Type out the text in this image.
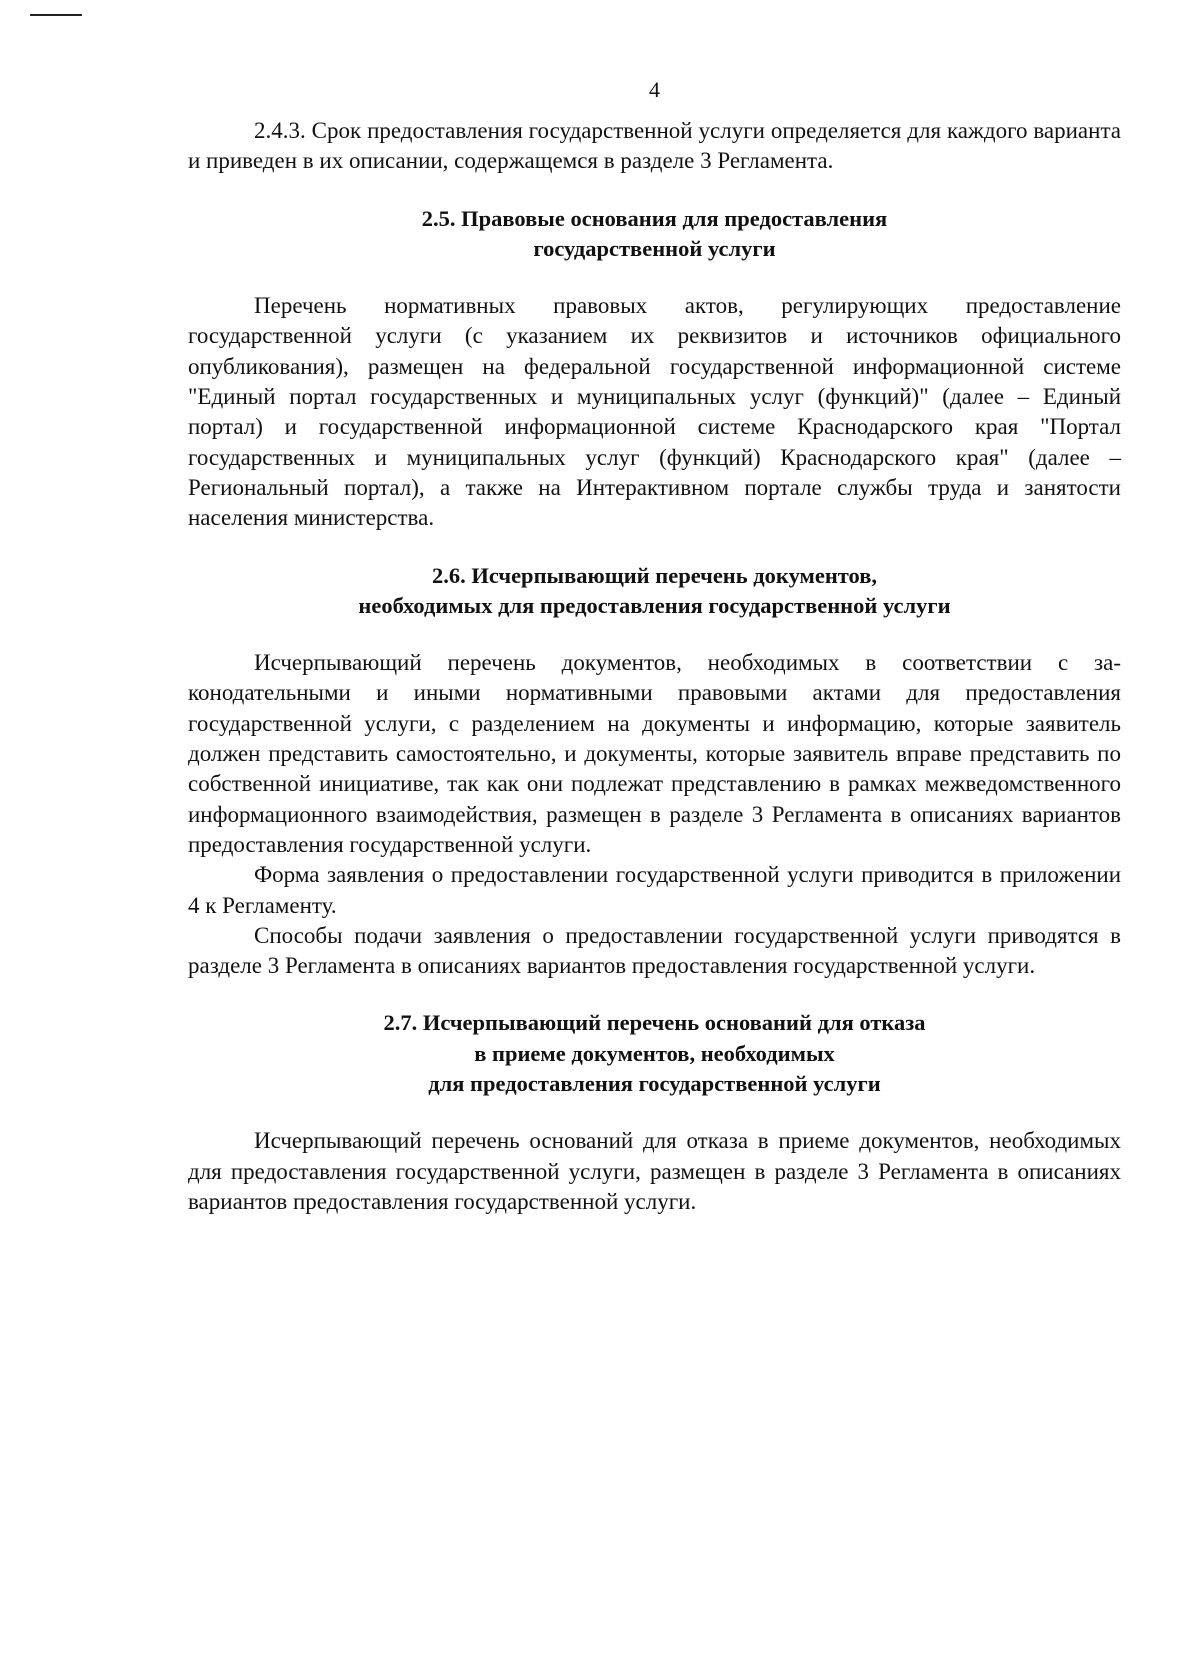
4

2.4.3. Срок предоставления государственной услуги определяется для каждого варианта и приведен в их описании, содержащемся в разделе 3 Регламента.

2.5. Правовые основания для предоставления
государственной услуги

Перечень нормативных правовых актов, регулирующих предоставление государственной услуги (с указанием их реквизитов и источников официального опубликования), размещен на федеральной государственной информационной системе "Единый портал государственных и муниципальных услуг (функций)" (далее – Единый портал) и государственной информационной системе Краснодарского края "Портал государственных и муниципальных услуг (функций) Краснодарского края" (далее – Региональный портал), а также на Интерактивном портале службы труда и занятости населения министерства.

2.6. Исчерпывающий перечень документов,
необходимых для предоставления государственной услуги

Исчерпывающий перечень документов, необходимых в соответствии с законодательными и иными нормативными правовыми актами для предоставления государственной услуги, с разделением на документы и информацию, которые заявитель должен представить самостоятельно, и документы, которые заявитель вправе представить по собственной инициативе, так как они подлежат представлению в рамках межведомственного информационного взаимодействия, размещен в разделе 3 Регламента в описаниях вариантов предоставления государственной услуги.

Форма заявления о предоставлении государственной услуги приводится в приложении 4 к Регламенту.

Способы подачи заявления о предоставлении государственной услуги приводятся в разделе 3 Регламента в описаниях вариантов предоставления государственной услуги.

2.7. Исчерпывающий перечень оснований для отказа
в приеме документов, необходимых
для предоставления государственной услуги

Исчерпывающий перечень оснований для отказа в приеме документов, необходимых для предоставления государственной услуги, размещен в разделе 3 Регламента в описаниях вариантов предоставления государственной услуги.
